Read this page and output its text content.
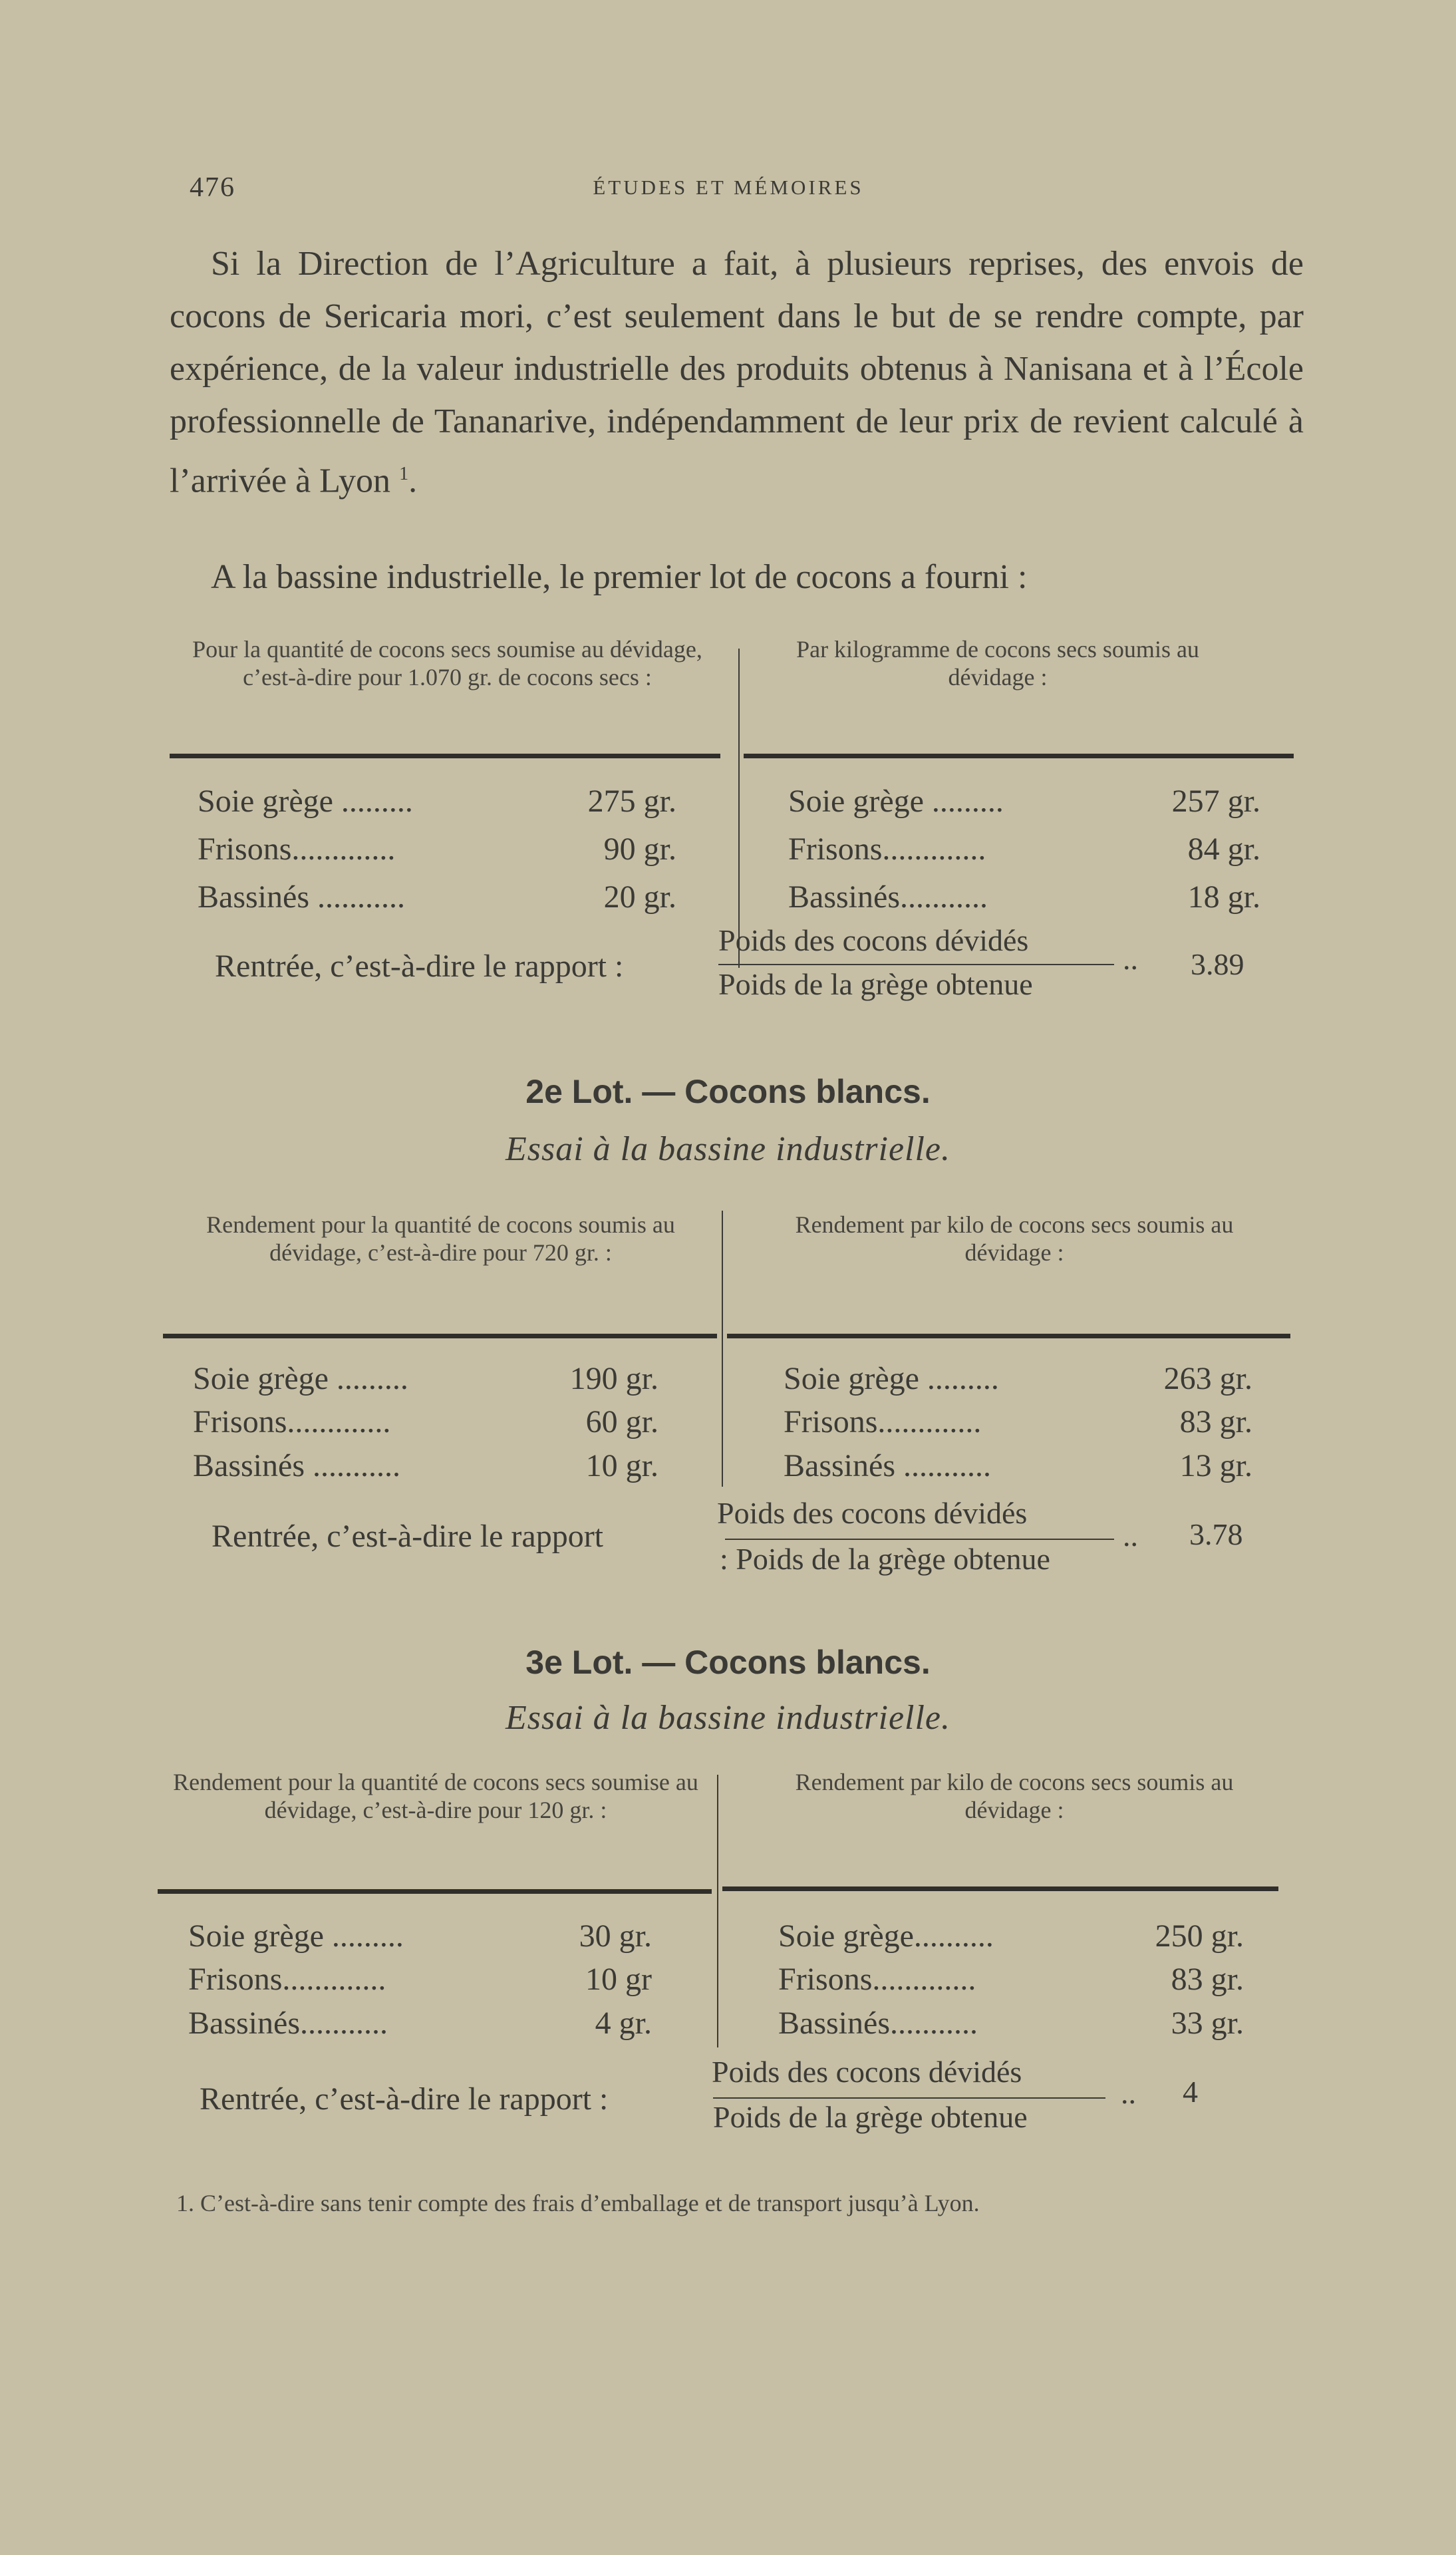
476	ÉTUDES ET MÉMOIRES
Si la Direction de l’Agriculture a fait, à plusieurs reprises, des envois de cocons de Sericaria mori, c’est seulement dans le but de se rendre compte, par expérience, de la valeur industrielle des produits obtenus à Nanisana et à l’École professionnelle de Tananarive, indépendamment de leur prix de revient calculé à l’arrivée à Lyon $^1$.
A la bassine industrielle, le premier lot de cocons a fourni :
Pour la quantité de cocons secs soumise au dévidage, c’est-à-dire pour 1.070 gr. de cocons secs :
Par kilogramme de cocons secs soumis au dévidage :
Soie grège .........	275 gr.
Frisons.............	90 gr.
Bassinés ...........	20 gr.
Soie grège .........	257 gr.
Frisons.............	84 gr.
Bassinés...........	18 gr.
Rentrée, c’est-à-dire le rapport :
Poids des cocons dévidés
Poids de la grège obtenue
.. 3.89
2e Lot. — Cocons blancs.
Essai à la bassine industrielle.
Rendement pour la quantité de cocons soumis au dévidage, c’est-à-dire pour 720 gr. :
Rendement par kilo de cocons secs soumis au dévidage :
Soie grège .........	190 gr.
Frisons.............	60 gr.
Bassinés ...........	10 gr.
Soie grège .........	263 gr.
Frisons.............	83 gr.
Bassinés ...........	13 gr.
Rentrée, c’est-à-dire le rapport
Poids des cocons dévidés
: Poids de la grège obtenue
.. 3.78
3e Lot. — Cocons blancs.
Essai à la bassine industrielle.
Rendement pour la quantité de cocons secs soumise au dévidage, c’est-à-dire pour 120 gr. :
Rendement par kilo de cocons secs soumis au dévidage :
Soie grège .........	30 gr.
Frisons.............	10 gr
Bassinés...........	4 gr.
Soie grège..........	250 gr.
Frisons.............	83 gr.
Bassinés...........	33 gr.
Rentrée, c’est-à-dire le rapport :
Poids des cocons dévidés
Poids de la grège obtenue
.. 4
1. C’est-à-dire sans tenir compte des frais d’emballage et de transport jusqu’à Lyon.
